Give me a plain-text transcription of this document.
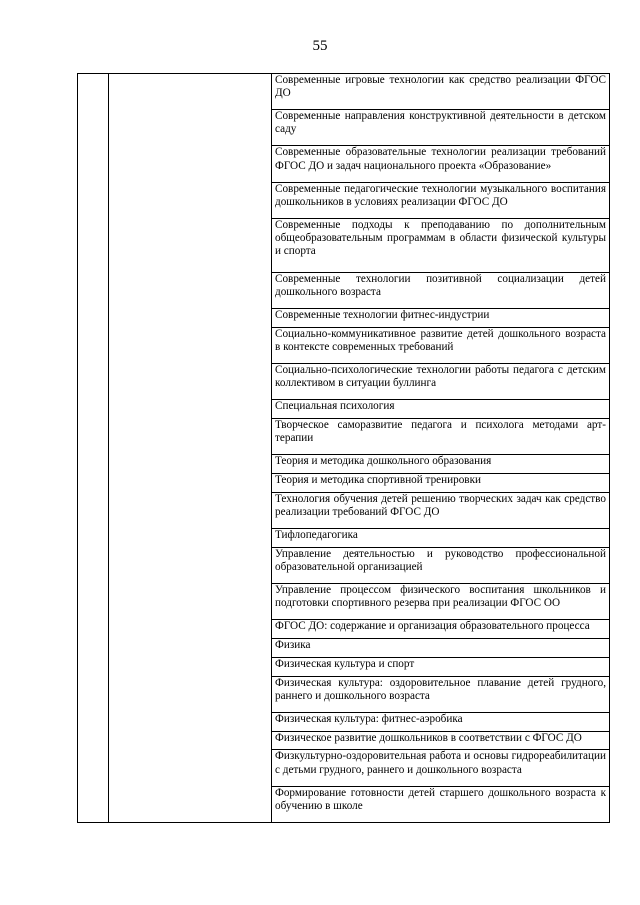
55
		Современные игровые технологии как средство реализации ФГОС ДО
Современные направления конструктивной деятельности в детском саду
Современные образовательные технологии реализации требований ФГОС ДО и задач национального проекта «Образование»
Современные педагогические технологии музыкального воспитания дошкольников в условиях реализации ФГОС ДО
Современные подходы к преподаванию по дополнительным общеобразовательным программам в области физической культуры и спорта
Современные технологии позитивной социализации детей дошкольного возраста
Современные технологии фитнес-индустрии
Социально-коммуникативное развитие детей дошкольного возраста в контексте современных требований
Социально-психологические технологии работы педагога с детским коллективом в ситуации буллинга
Специальная психология
Творческое саморазвитие педагога и психолога методами арт-терапии
Теория и методика дошкольного образования
Теория и методика спортивной тренировки
Технология обучения детей решению творческих задач как средство реализации требований ФГОС ДО
Тифлопедагогика
Управление деятельностью и руководство профессиональной образовательной организацией
Управление процессом физического воспитания школьников и подготовки спортивного резерва при реализации ФГОС ОО
ФГОС ДО: содержание и организация образовательного процесса
Физика
Физическая культура и спорт
Физическая культура: оздоровительное плавание детей грудного, раннего и дошкольного возраста
Физическая культура: фитнес-аэробика
Физическое развитие дошкольников в соответствии с ФГОС ДО
Физкультурно-оздоровительная работа и основы гидрореабилитации с детьми грудного, раннего и дошкольного возраста
Формирование готовности детей старшего дошкольного возраста к обучению в школе
